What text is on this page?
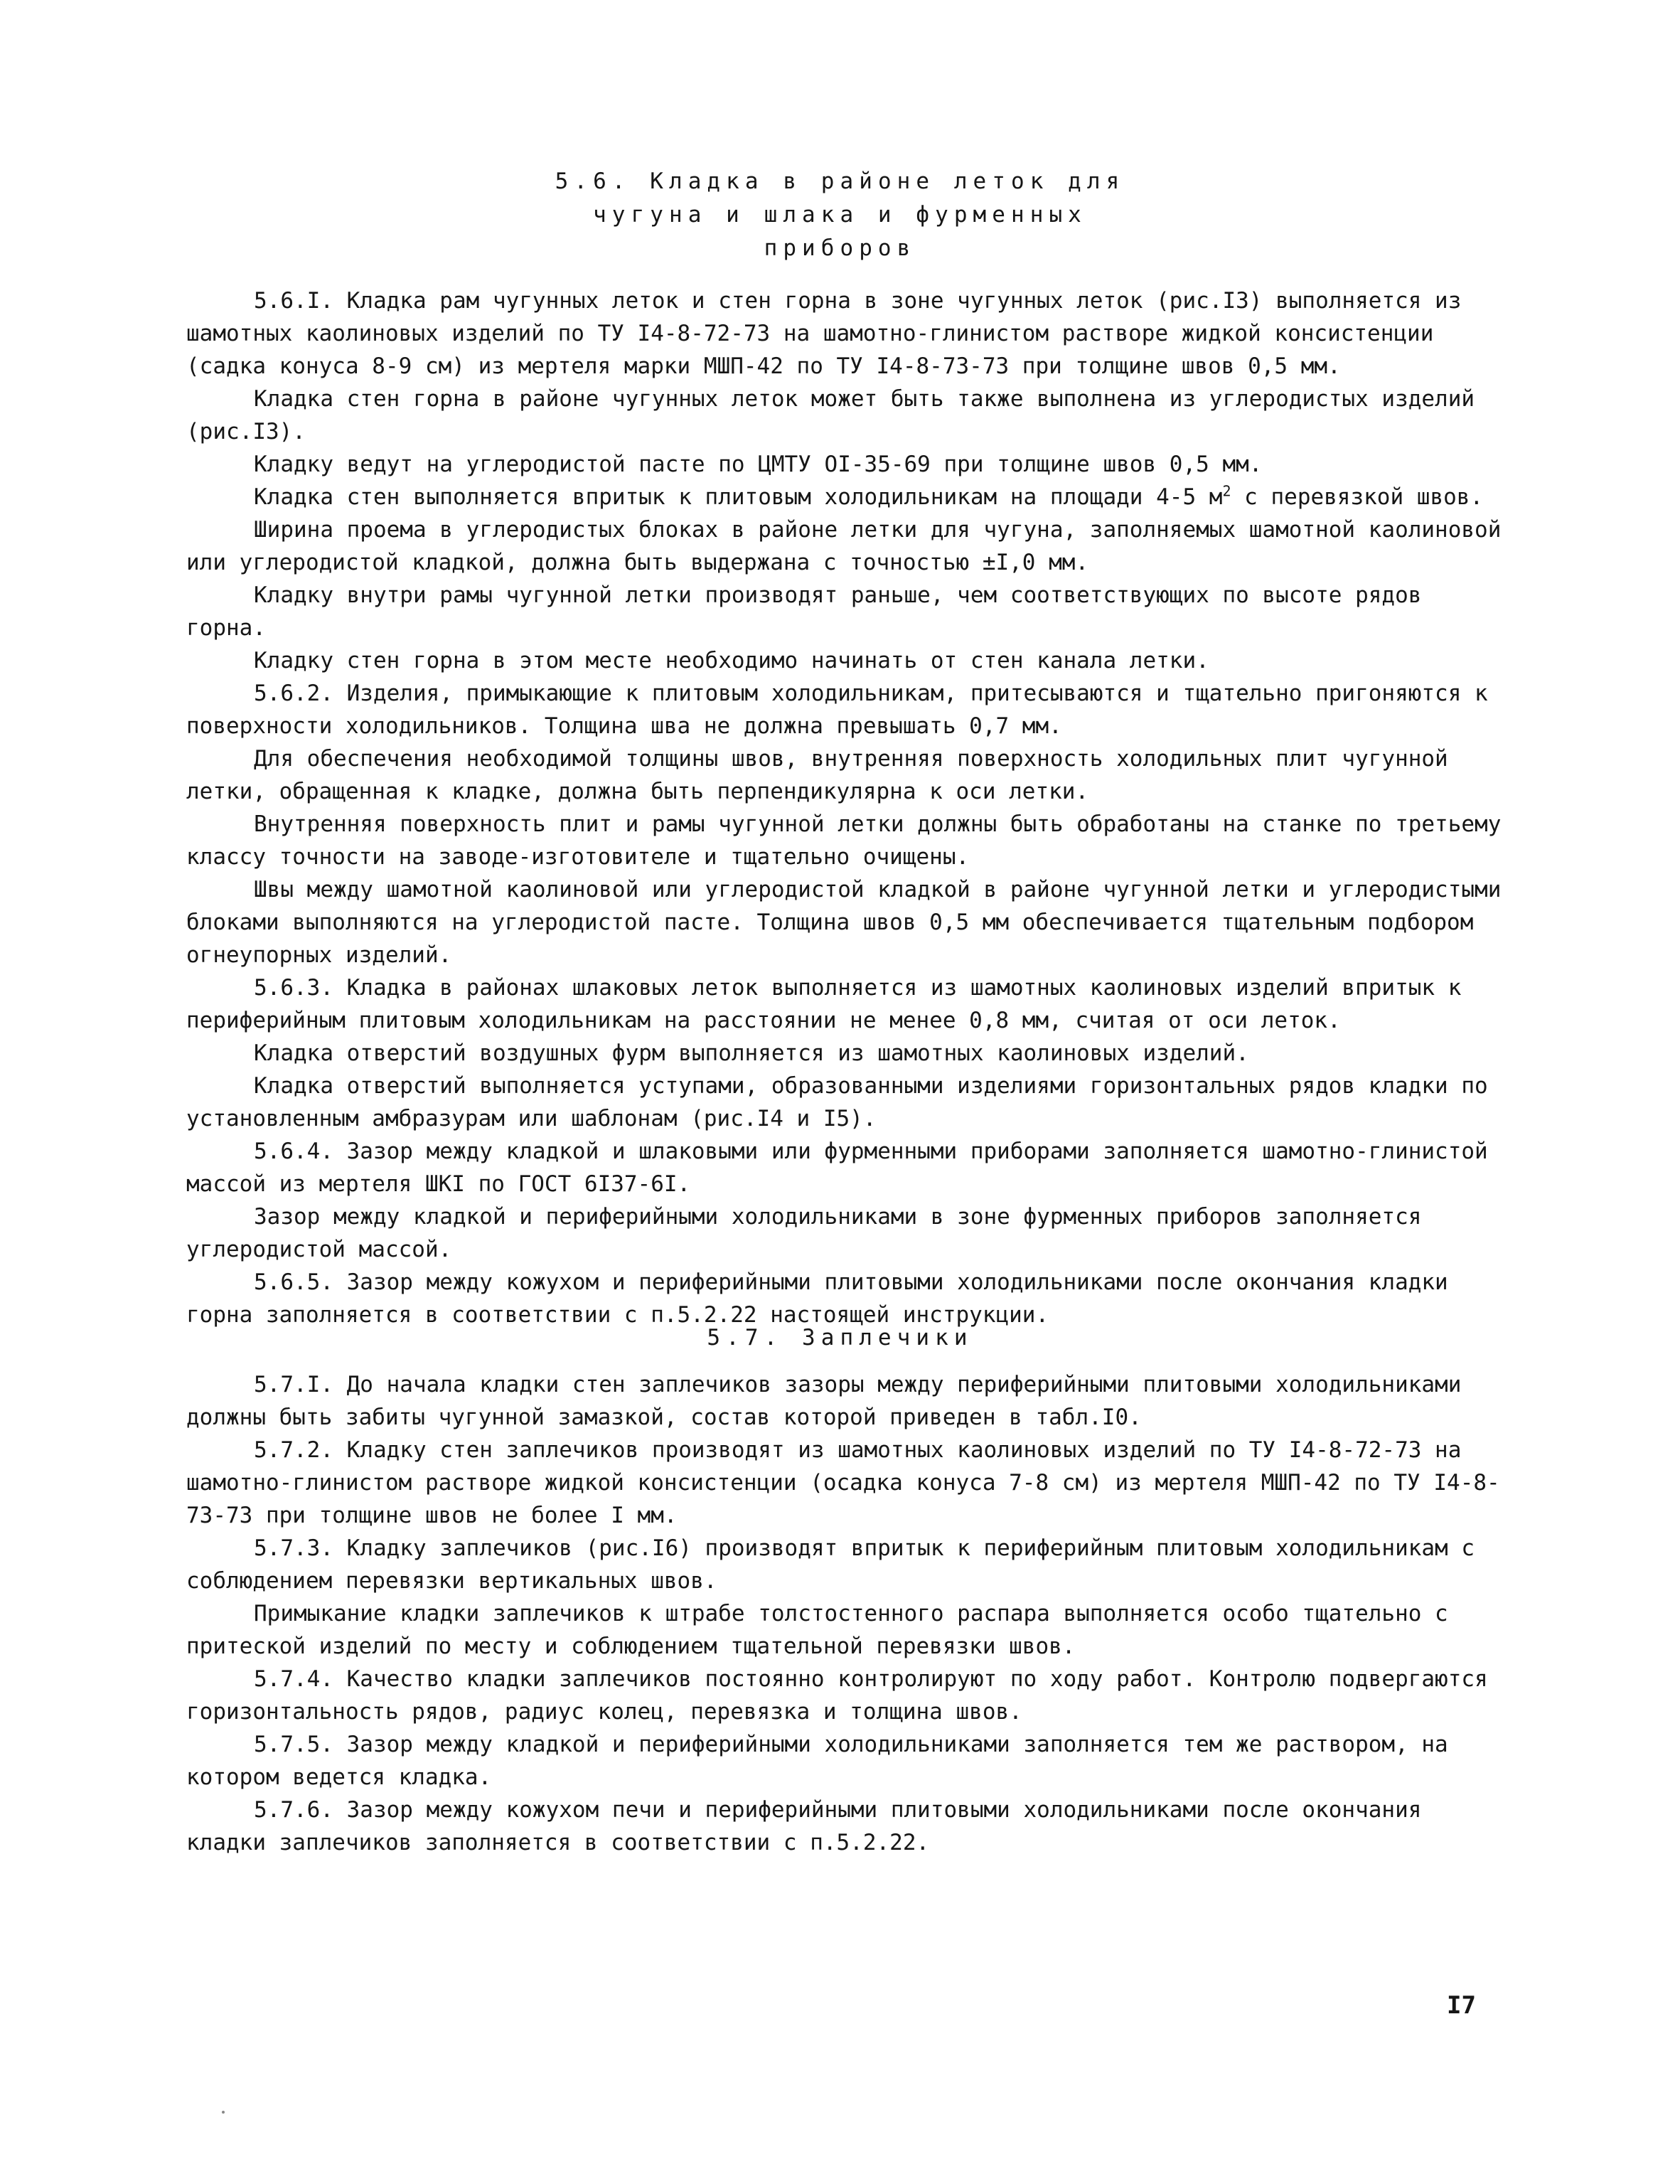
5.6. Кладка в районе леток для
чугуна и шлака и фурменных
приборов

5.6.I. Кладка рам чугунных леток и стен горна в зоне чугунных леток (рис.I3) выполняется из шамотных каолиновых изделий по ТУ I4-8-72-73 на шамотно-глинистом растворе жидкой консистенции (садка конуса 8-9 см) из мертеля марки МШП-42 по ТУ I4-8-73-73 при толщине швов 0,5 мм.

Кладка стен горна в районе чугунных леток может быть также выполнена из углеродистых изделий (рис.I3).

Кладку ведут на углеродистой пасте по ЦМТУ OI-35-69 при толщине швов 0,5 мм.

Кладка стен выполняется впритык к плитовым холодильникам на площади 4-5 $м^2$ с перевязкой швов.

Ширина проема в углеродистых блоках в районе летки для чугуна, заполняемых шамотной каолиновой или углеродистой кладкой, должна быть выдержана с точностью ±I,0 мм.

Кладку внутри рамы чугунной летки производят раньше, чем соответствующих по высоте рядов горна.

Кладку стен горна в этом месте необходимо начинать от стен канала летки.

5.6.2. Изделия, примыкающие к плитовым холодильникам, притесываются и тщательно пригоняются к поверхности холодильников. Толщина шва не должна превышать 0,7 мм.

Для обеспечения необходимой толщины швов, внутренняя поверхность холодильных плит чугунной летки, обращенная к кладке, должна быть перпендикулярна к оси летки.

Внутренняя поверхность плит и рамы чугунной летки должны быть обработаны на станке по третьему классу точности на заводе-изготовителе и тщательно очищены.

Швы между шамотной каолиновой или углеродистой кладкой в районе чугунной летки и углеродистыми блоками выполняются на углеродистой пасте. Толщина швов 0,5 мм обеспечивается тщательным подбором огнеупорных изделий.

5.6.3. Кладка в районах шлаковых леток выполняется из шамотных каолиновых изделий впритык к периферийным плитовым холодильникам на расстоянии не менее 0,8 мм, считая от оси леток.

Кладка отверстий воздушных фурм выполняется из шамотных каолиновых изделий.

Кладка отверстий выполняется уступами, образованными изделиями горизонтальных рядов кладки по установленным амбразурам или шаблонам (рис.I4 и I5).

5.6.4. Зазор между кладкой и шлаковыми или фурменными приборами заполняется шамотно-глинистой массой из мертеля ШКI по ГОСТ 6I37-6I.

Зазор между кладкой и периферийными холодильниками в зоне фурменных приборов заполняется углеродистой массой.

5.6.5. Зазор между кожухом и периферийными плитовыми холодильниками после окончания кладки горна заполняется в соответствии с п.5.2.22 настоящей инструкции.

5.7. Заплечики

5.7.I. До начала кладки стен заплечиков зазоры между периферийными плитовыми холодильниками должны быть забиты чугунной замазкой, состав которой приведен в табл.I0.

5.7.2. Кладку стен заплечиков производят из шамотных каолиновых изделий по ТУ I4-8-72-73 на шамотно-глинистом растворе жидкой консистенции (осадка конуса 7-8 см) из мертеля МШП-42 по ТУ I4-8-73-73 при толщине швов не более I мм.

5.7.3. Кладку заплечиков (рис.I6) производят впритык к периферийным плитовым холодильникам с соблюдением перевязки вертикальных швов.

Примыкание кладки заплечиков к штрабе толстостенного распара выполняется особо тщательно с притеской изделий по месту и соблюдением тщательной перевязки швов.

5.7.4. Качество кладки заплечиков постоянно контролируют по ходу работ. Контролю подвергаются горизонтальность рядов, радиус колец, перевязка и толщина швов.

5.7.5. Зазор между кладкой и периферийными холодильниками заполняется тем же раствором, на котором ведется кладка.

5.7.6. Зазор между кожухом печи и периферийными плитовыми холодильниками после окончания кладки заплечиков заполняется в соответствии с п.5.2.22.

I7
